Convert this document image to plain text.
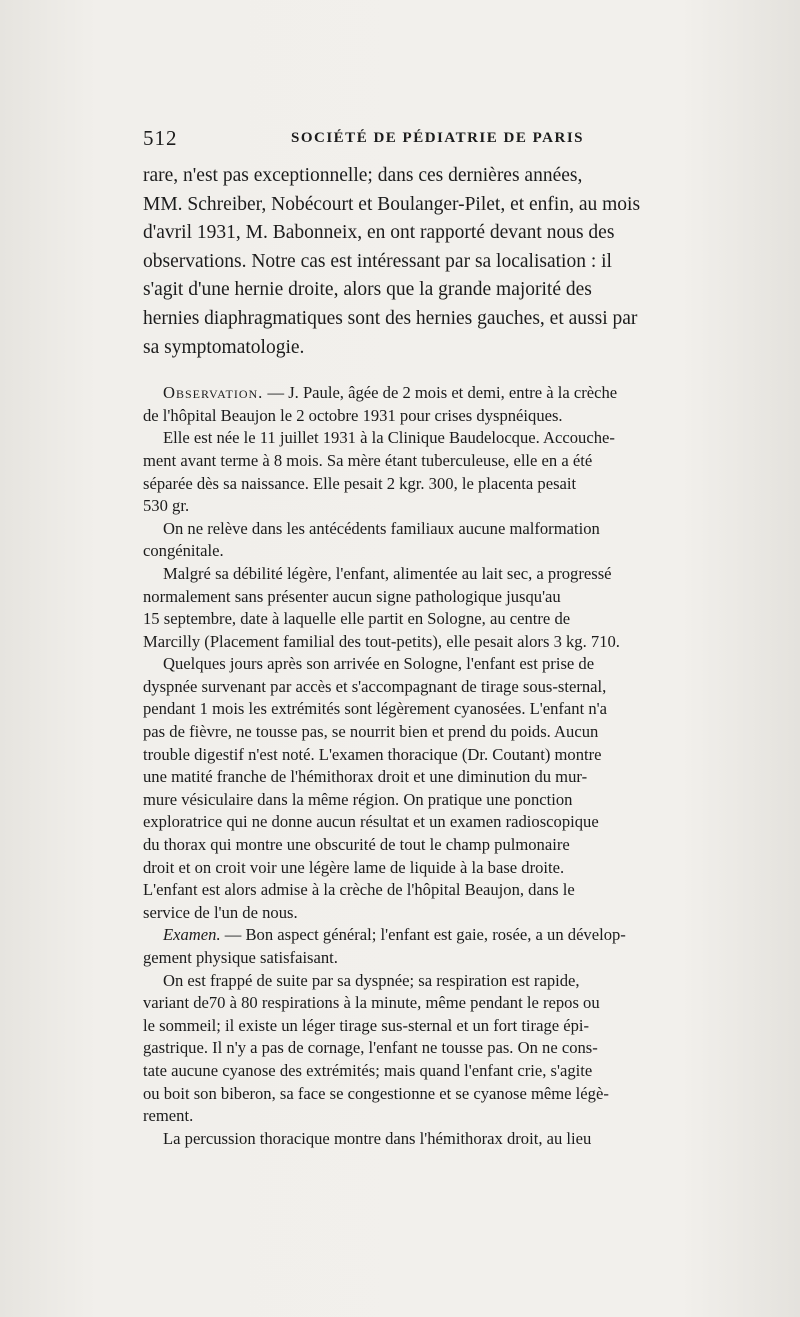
512	SOCIÉTÉ DE PÉDIATRIE DE PARIS

rare, n'est pas exceptionnelle; dans ces dernières années,
MM. Schreiber, Nobécourt et Boulanger-Pilet, et enfin, au mois
d'avril 1931, M. Babonneix, en ont rapporté devant nous des
observations. Notre cas est intéressant par sa localisation : il
s'agit d'une hernie droite, alors que la grande majorité des
hernies diaphragmatiques sont des hernies gauches, et aussi par
sa symptomatologie.

Observation. — J. Paule, âgée de 2 mois et demi, entre à la crèche
de l'hôpital Beaujon le 2 octobre 1931 pour crises dyspnéiques.

Elle est née le 11 juillet 1931 à la Clinique Baudelocque. Accouche-
ment avant terme à 8 mois. Sa mère étant tuberculeuse, elle en a été
séparée dès sa naissance. Elle pesait 2 kgr. 300, le placenta pesait
530 gr.

On ne relève dans les antécédents familiaux aucune malformation
congénitale.

Malgré sa débilité légère, l'enfant, alimentée au lait sec, a progressé
normalement sans présenter aucun signe pathologique jusqu'au
15 septembre, date à laquelle elle partit en Sologne, au centre de
Marcilly (Placement familial des tout-petits), elle pesait alors 3 kg. 710.

Quelques jours après son arrivée en Sologne, l'enfant est prise de
dyspnée survenant par accès et s'accompagnant de tirage sous-sternal,
pendant 1 mois les extrémités sont légèrement cyanosées. L'enfant n'a
pas de fièvre, ne tousse pas, se nourrit bien et prend du poids. Aucun
trouble digestif n'est noté. L'examen thoracique (Dr. Coutant) montre
une matité franche de l'hémithorax droit et une diminution du mur-
mure vésiculaire dans la même région. On pratique une ponction
exploratrice qui ne donne aucun résultat et un examen radioscopique
du thorax qui montre une obscurité de tout le champ pulmonaire
droit et on croit voir une légère lame de liquide à la base droite.
L'enfant est alors admise à la crèche de l'hôpital Beaujon, dans le
service de l'un de nous.

Examen. — Bon aspect général; l'enfant est gaie, rosée, a un dévelop-
gement physique satisfaisant.

On est frappé de suite par sa dyspnée; sa respiration est rapide,
variant de70 à 80 respirations à la minute, même pendant le repos ou
le sommeil; il existe un léger tirage sus-sternal et un fort tirage épi-
gastrique. Il n'y a pas de cornage, l'enfant ne tousse pas. On ne cons-
tate aucune cyanose des extrémités; mais quand l'enfant crie, s'agite
ou boit son biberon, sa face se congestionne et se cyanose même légè-
rement.

La percussion thoracique montre dans l'hémithorax droit, au lieu
